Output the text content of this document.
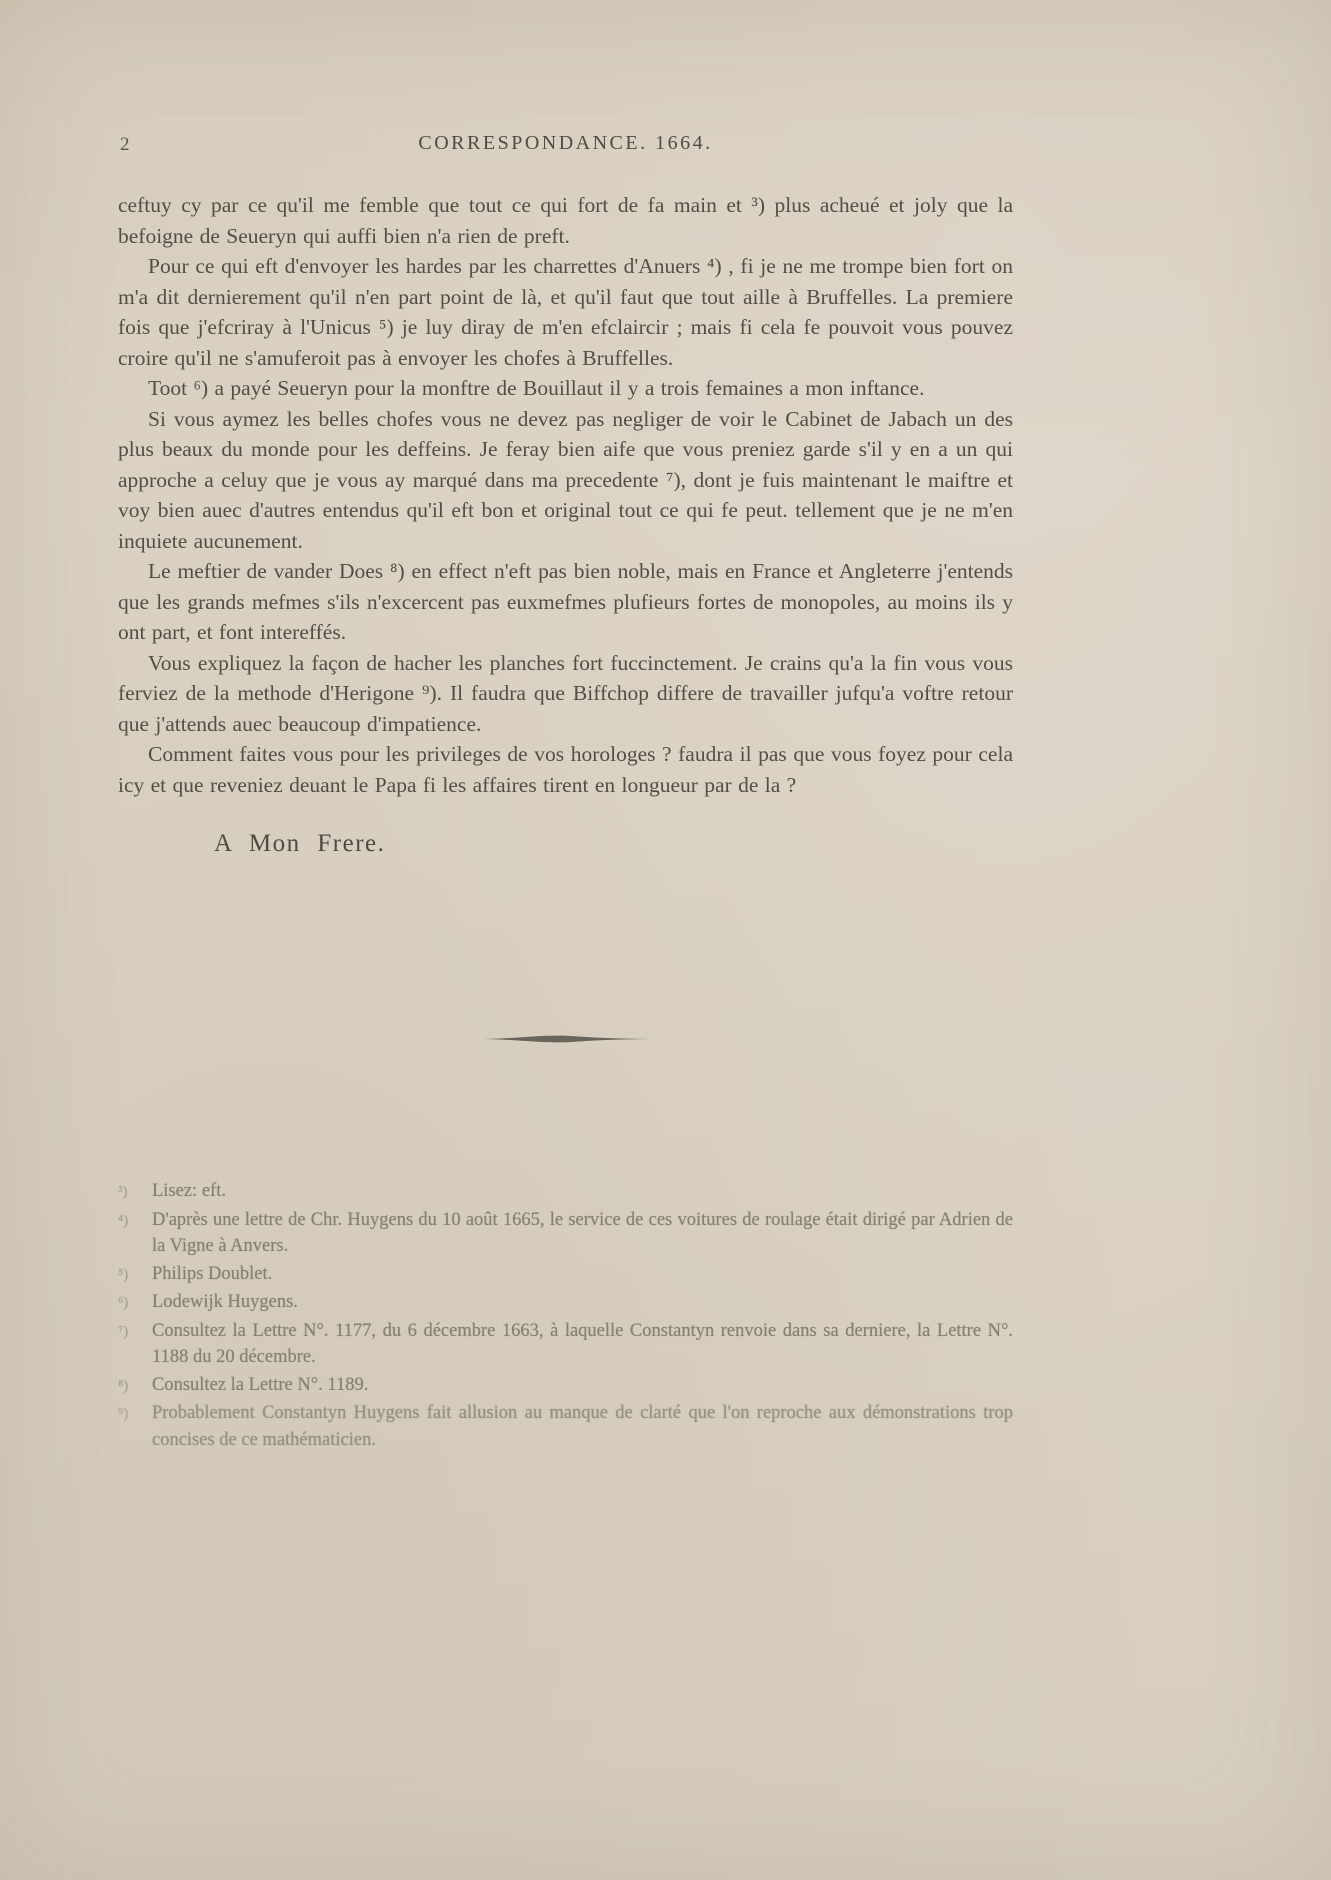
2	CORRESPONDANCE. 1664.

ceftuy cy par ce qu'il me femble que tout ce qui fort de fa main et ³) plus acheué et joly que la befoigne de Seueryn qui auffi bien n'a rien de preft.

Pour ce qui eft d'envoyer les hardes par les charrettes d'Anuers ⁴) , fi je ne me trompe bien fort on m'a dit dernierement qu'il n'en part point de là, et qu'il faut que tout aille à Bruffelles. La premiere fois que j'efcriray à l'Unicus ⁵) je luy diray de m'en efclaircir ; mais fi cela fe pouvoit vous pouvez croire qu'il ne s'amuferoit pas à envoyer les chofes à Bruffelles.

Toot ⁶) a payé Seueryn pour la monftre de Bouillaut il y a trois femaines a mon inftance.

Si vous aymez les belles chofes vous ne devez pas negliger de voir le Cabinet de Jabach un des plus beaux du monde pour les deffeins. Je feray bien aife que vous preniez garde s'il y en a un qui approche a celuy que je vous ay marqué dans ma precedente ⁷), dont je fuis maintenant le maiftre et voy bien auec d'autres entendus qu'il eft bon et original tout ce qui fe peut. tellement que je ne m'en inquiete aucunement.

Le meftier de vander Does ⁸) en effect n'eft pas bien noble, mais en France et Angleterre j'entends que les grands mefmes s'ils n'excercent pas euxmefmes plufieurs fortes de monopoles, au moins ils y ont part, et font intereffés.

Vous expliquez la façon de hacher les planches fort fuccinctement. Je crains qu'a la fin vous vous ferviez de la methode d'Herigone ⁹). Il faudra que Biffchop differe de travailler jufqu'a voftre retour que j'attends auec beaucoup d'impatience.

Comment faites vous pour les privileges de vos horologes ? faudra il pas que vous foyez pour cela icy et que reveniez deuant le Papa fi les affaires tirent en longueur par de la ?

A Mon Frere.

³)	Lisez: eft.
⁴)	D'après une lettre de Chr. Huygens du 10 août 1665, le service de ces voitures de roulage était dirigé par Adrien de la Vigne à Anvers.
⁵)	Philips Doublet.
⁶)	Lodewijk Huygens.
⁷)	Consultez la Lettre N°. 1177, du 6 décembre 1663, à laquelle Constantyn renvoie dans sa derniere, la Lettre N°. 1188 du 20 décembre.
⁸)	Consultez la Lettre N°. 1189.
⁹)	Probablement Constantyn Huygens fait allusion au manque de clarté que l'on reproche aux démonstrations trop concises de ce mathématicien.
